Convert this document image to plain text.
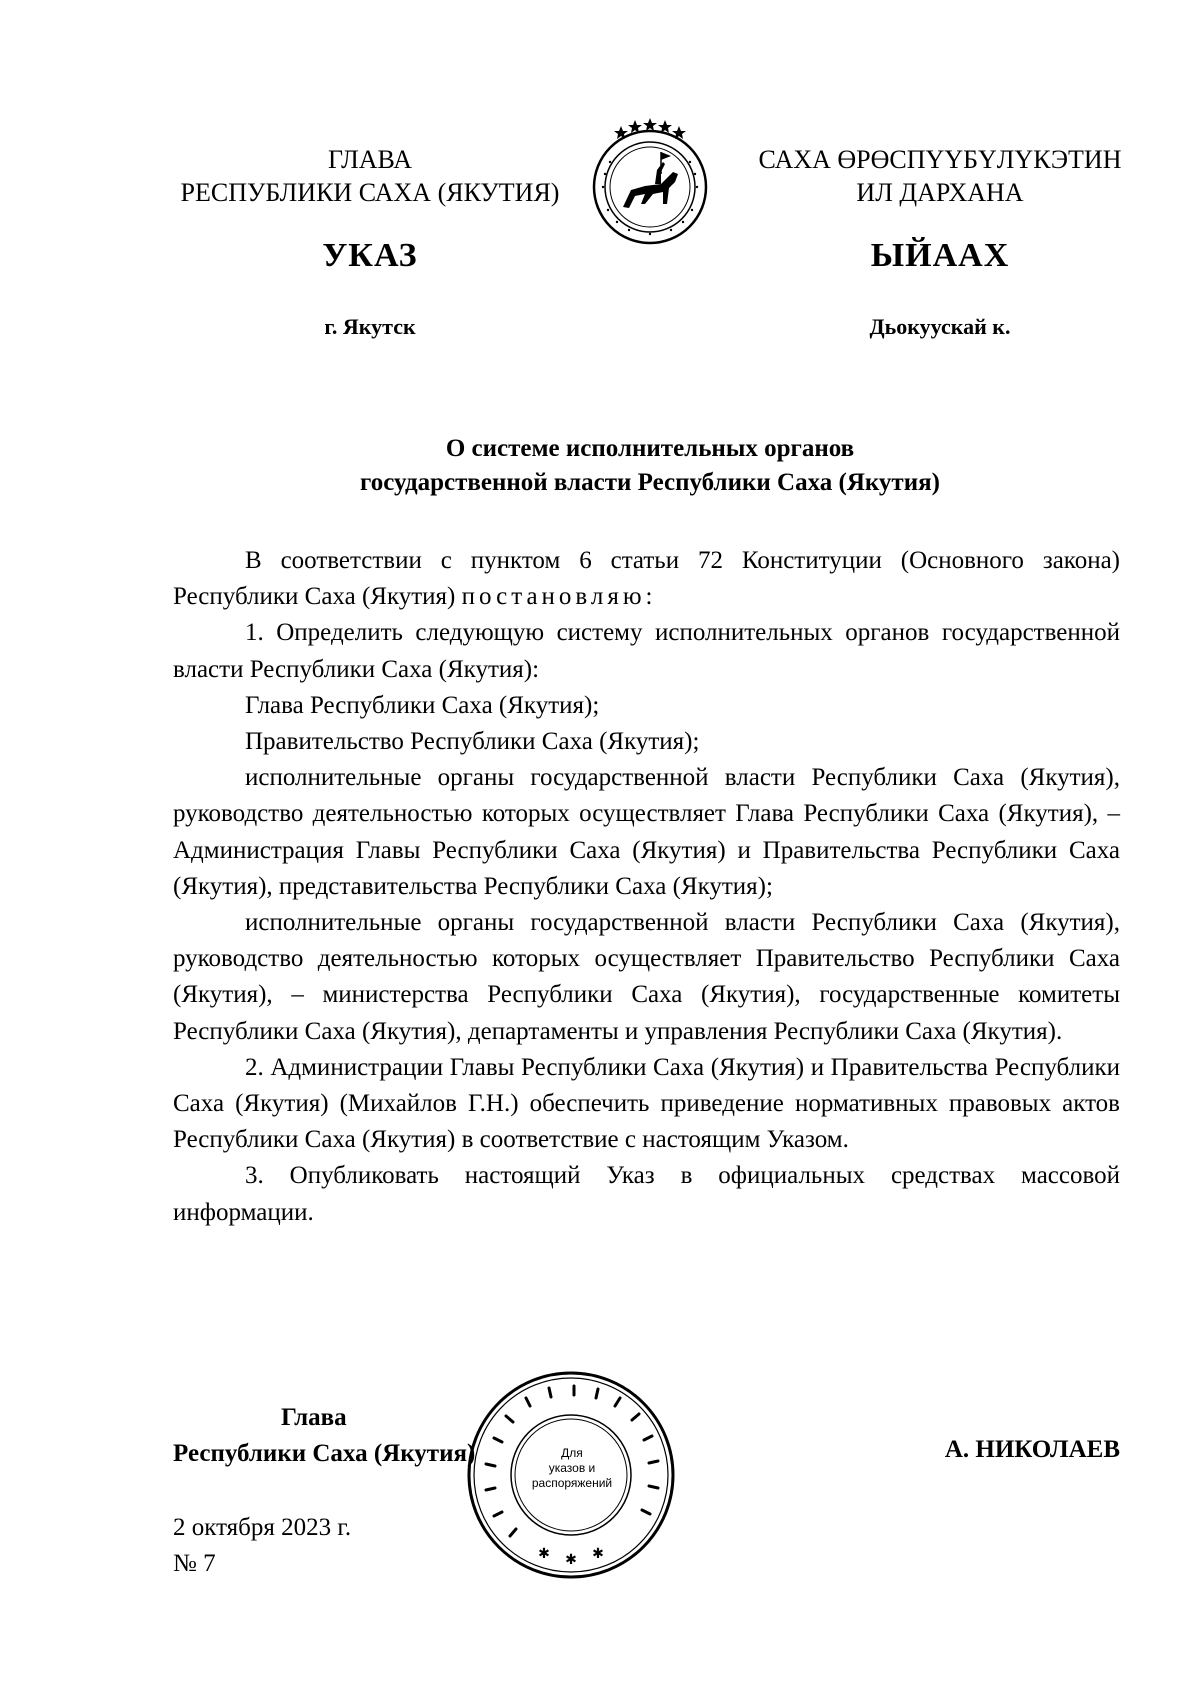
ГЛАВА
РЕСПУБЛИКИ САХА (ЯКУТИЯ)
УКАЗ
г. Якутск
САХА ӨРӨСПҮҮБҮЛҮКЭТИН
ИЛ ДАРХАНА
ЫЙААХ
Дьокуускай к.
О системе исполнительных органов
государственной власти Республики Саха (Якутия)

В соответствии с пунктом 6 статьи 72 Конституции (Основного закона) Республики Саха (Якутия) постановляю:

1. Определить следующую систему исполнительных органов государственной власти Республики Саха (Якутия):

Глава Республики Саха (Якутия);

Правительство Республики Саха (Якутия);

исполнительные органы государственной власти Республики Саха (Якутия), руководство деятельностью которых осуществляет Глава Республики Саха (Якутия), – Администрация Главы Республики Саха (Якутия) и Правительства Республики Саха (Якутия), представительства Республики Саха (Якутия);

исполнительные органы государственной власти Республики Саха (Якутия), руководство деятельностью которых осуществляет Правительство Республики Саха (Якутия), – министерства Республики Саха (Якутия), государственные комитеты Республики Саха (Якутия), департаменты и управления Республики Саха (Якутия).

2. Администрации Главы Республики Саха (Якутия) и Правительства Республики Саха (Якутия) (Михайлов Г.Н.) обеспечить приведение нормативных правовых актов Республики Саха (Якутия) в соответствие с настоящим Указом.

3. Опубликовать настоящий Указ в официальных средствах массовой информации.

Глава
Республики Саха (Якутия)	А. НИКОЛАЕВ
✱ ✱ ✱
Для
указов и
распоряжений
2 октября 2023 г.
№ 7
